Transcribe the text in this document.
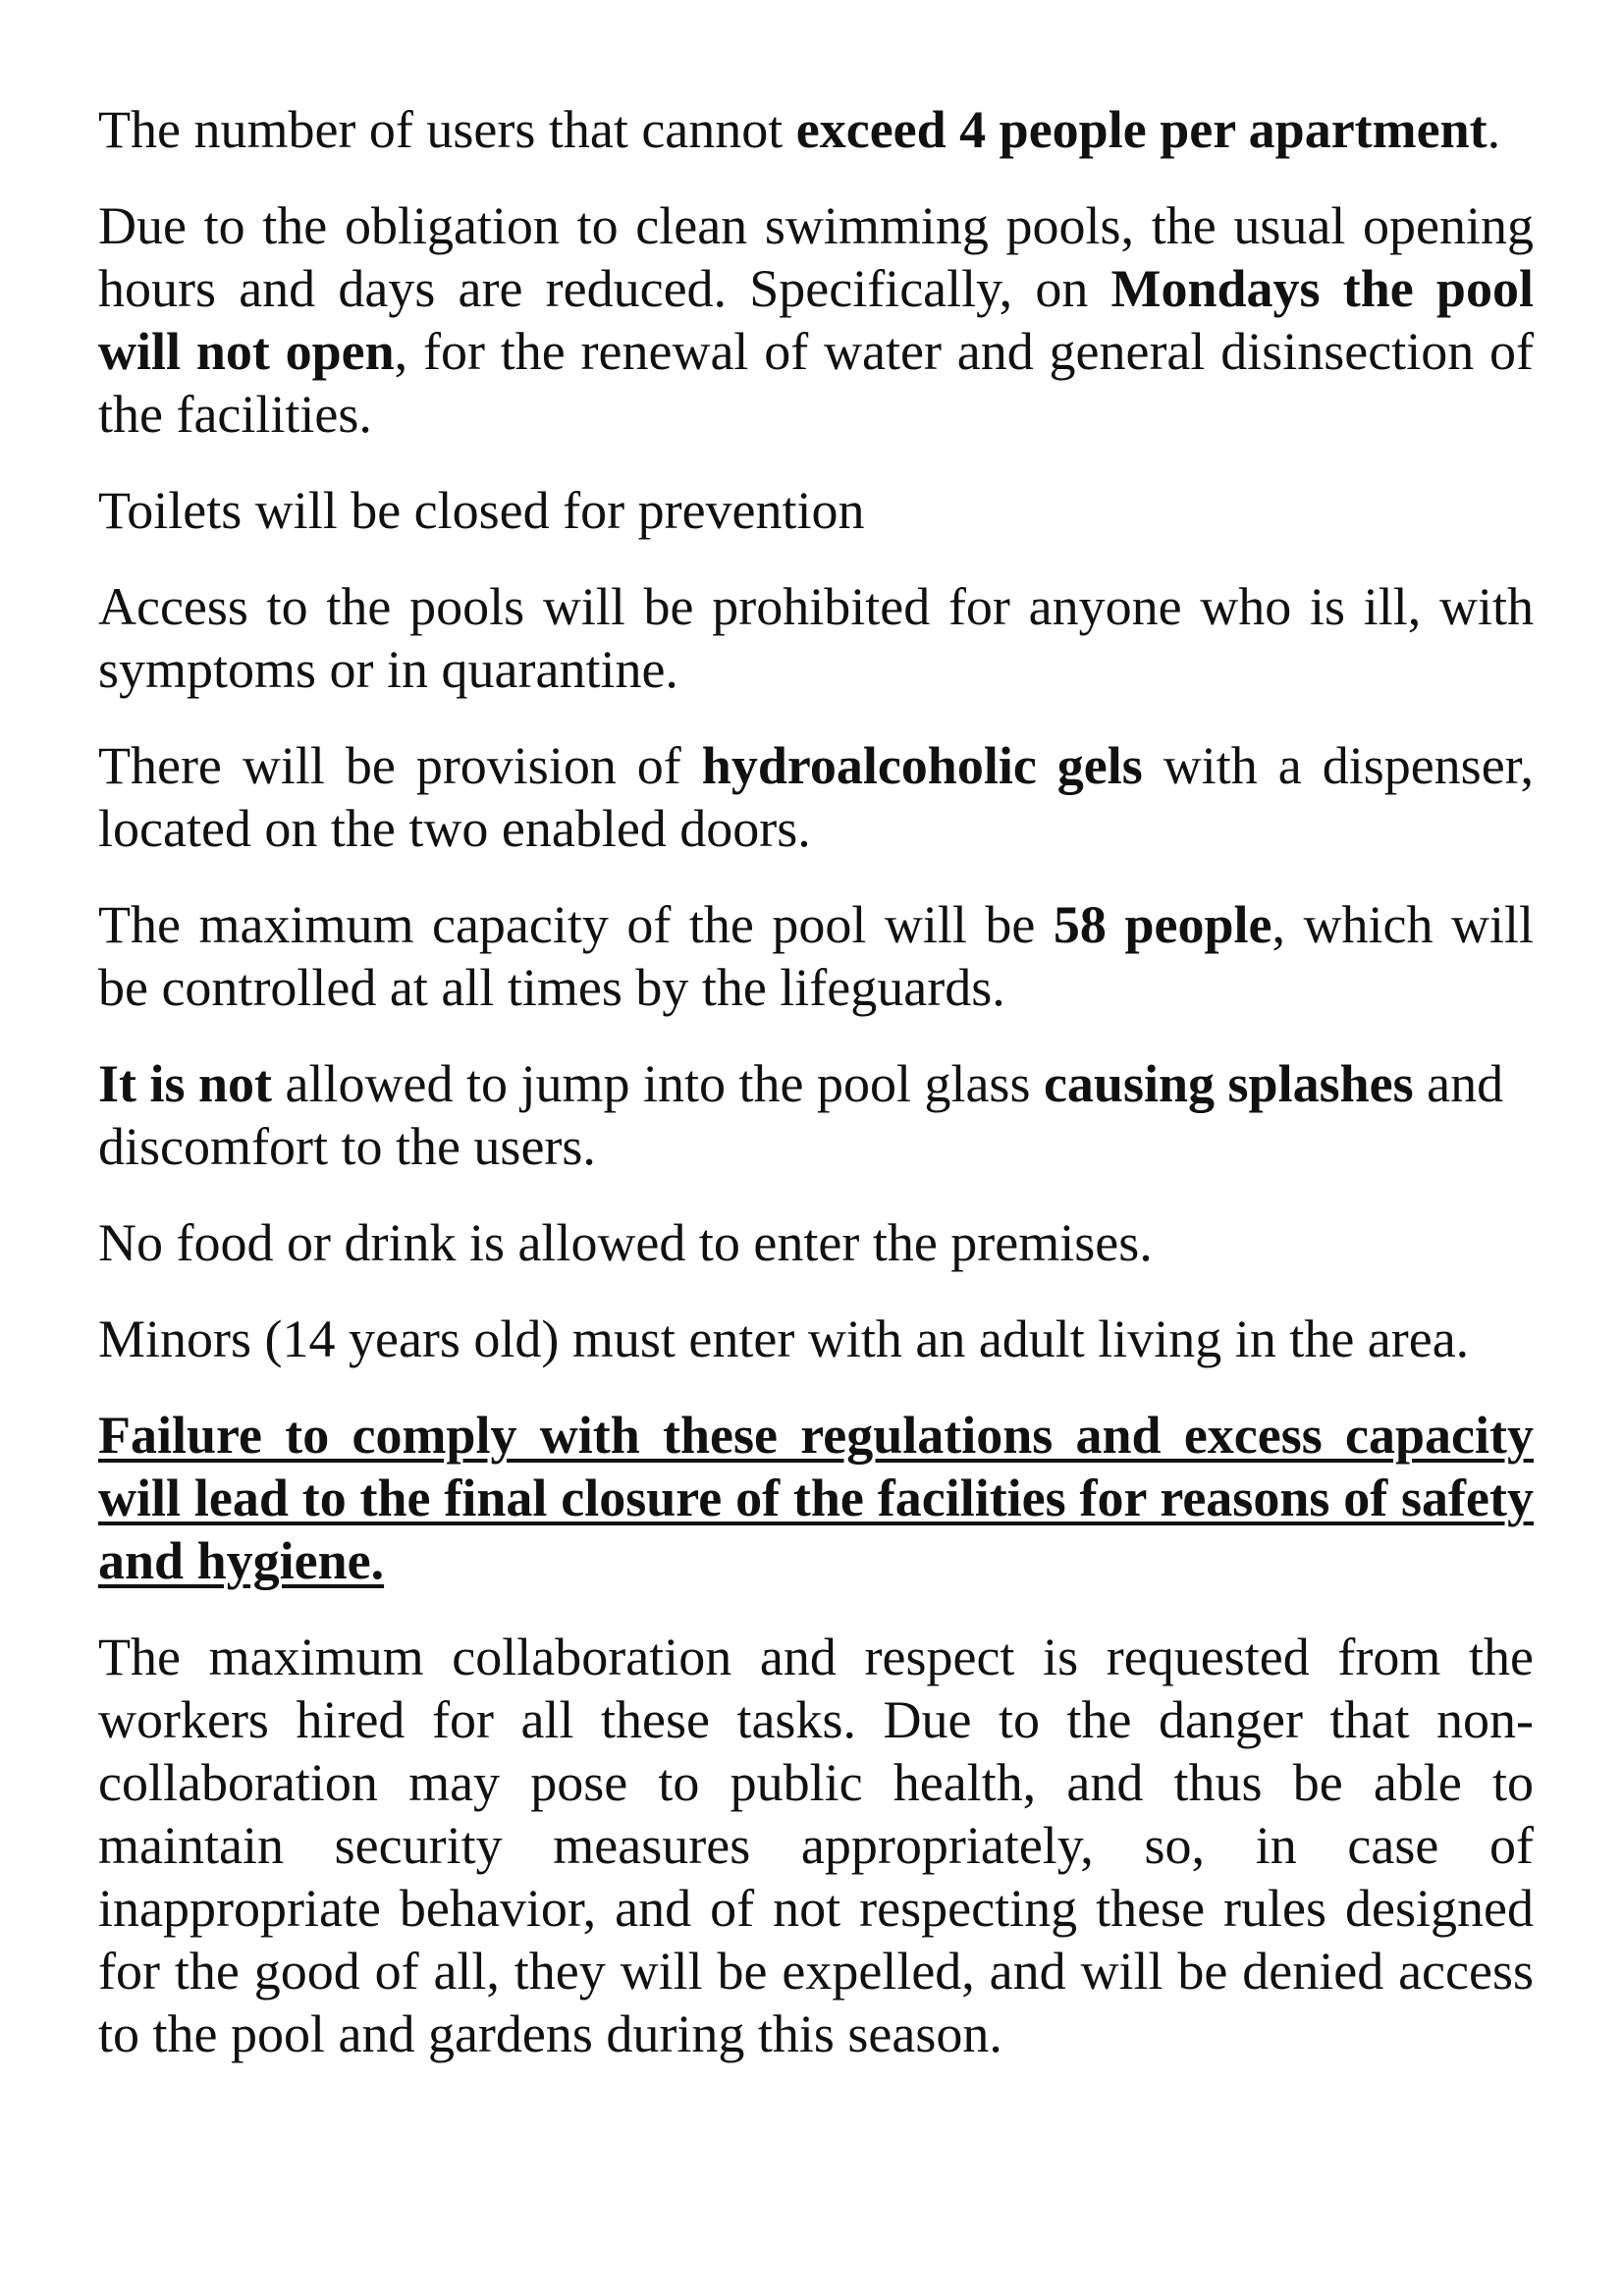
The number of users that cannot exceed 4 people per apartment.

Due to the obligation to clean swimming pools, the usual opening hours and days are reduced. Specifically, on Mondays the pool will not open, for the renewal of water and general disinsection of the facilities.

Toilets will be closed for prevention

Access to the pools will be prohibited for anyone who is ill, with symptoms or in quarantine.

There will be provision of hydroalcoholic gels with a dispenser, located on the two enabled doors.

The maximum capacity of the pool will be 58 people, which will be controlled at all times by the lifeguards.

It is not allowed to jump into the pool glass causing splashes and discomfort to the users.

No food or drink is allowed to enter the premises.

Minors (14 years old) must enter with an adult living in the area.

Failure to comply with these regulations and excess capacity will lead to the final closure of the facilities for reasons of safety and hygiene.

The maximum collaboration and respect is requested from the workers hired for all these tasks. Due to the danger that non-collaboration may pose to public health, and thus be able to maintain security measures appropriately, so, in case of inappropriate behavior, and of not respecting these rules designed for the good of all, they will be expelled, and will be denied access to the pool and gardens during this season.
